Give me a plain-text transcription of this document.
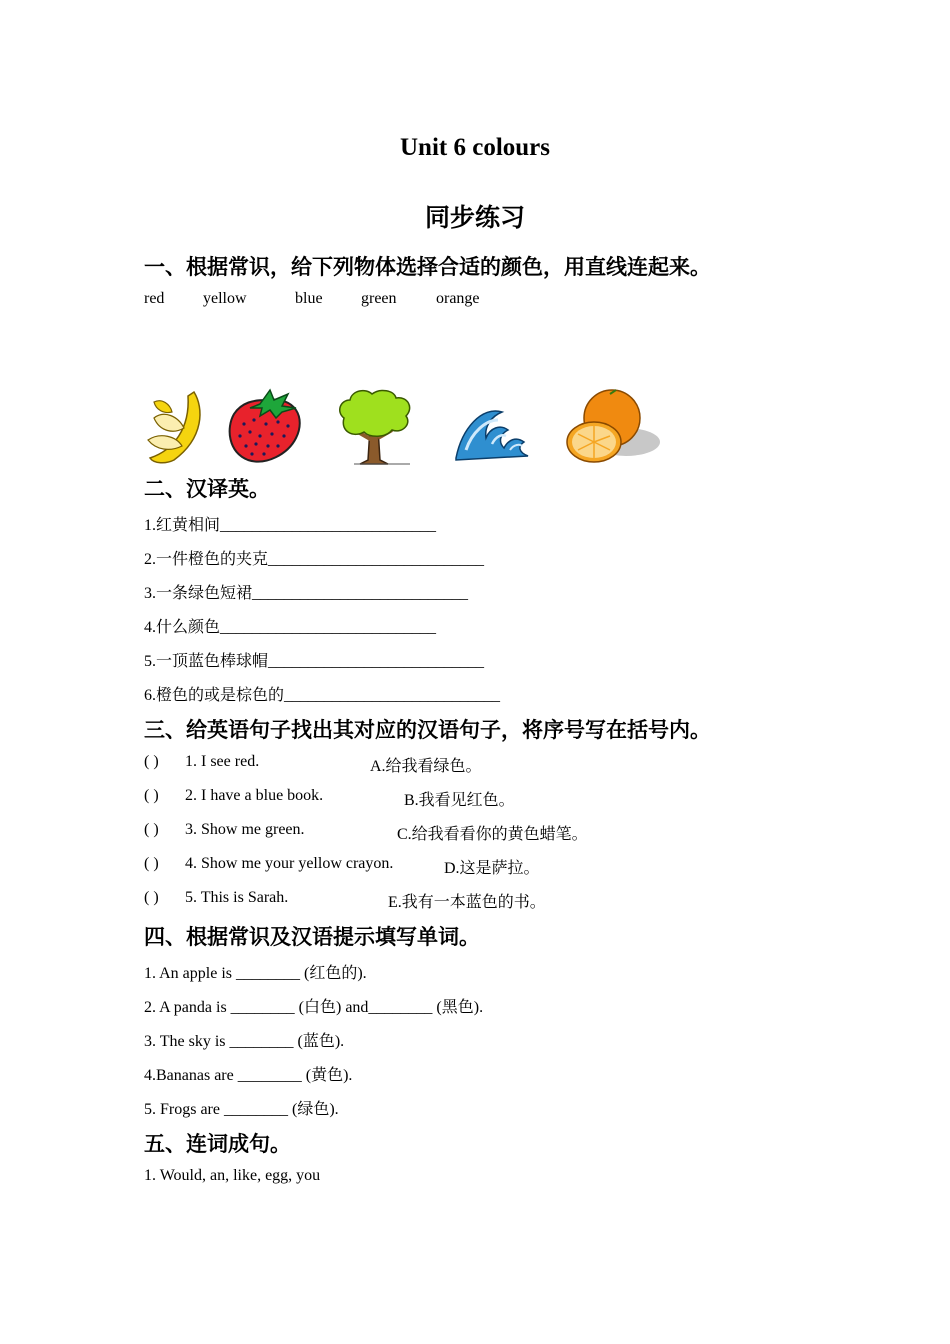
Unit 6 colours
同步练习
一、根据常识，给下列物体选择合适的颜色，用直线连起来。
red yellow	blue green orange
二、汉译英。
1.红黄相间___________________________
2.一件橙色的夹克___________________________
3.一条绿色短裙___________________________
4.什么颜色___________________________
5.一顶蓝色棒球帽___________________________
6.橙色的或是棕色的___________________________
三、给英语句子找出其对应的汉语句子，将序号写在括号内。
( ) 1. I see red.	A.给我看绿色。
( ) 2. I have a blue book.	B.我看见红色。
( ) 3. Show me green.	C.给我看看你的黄色蜡笔。
( ) 4. Show me your yellow crayon.	D.这是萨拉。
( ) 5. This is Sarah.	E.我有一本蓝色的书。
四、根据常识及汉语提示填写单词。
1. An apple is ________ (红色的).
2. A panda is ________ (白色) and________ (黑色).
3. The sky is ________ (蓝色).
4.Bananas are ________ (黄色).
5. Frogs are ________ (绿色).
五、连词成句。
1. Would, an, like, egg, you
